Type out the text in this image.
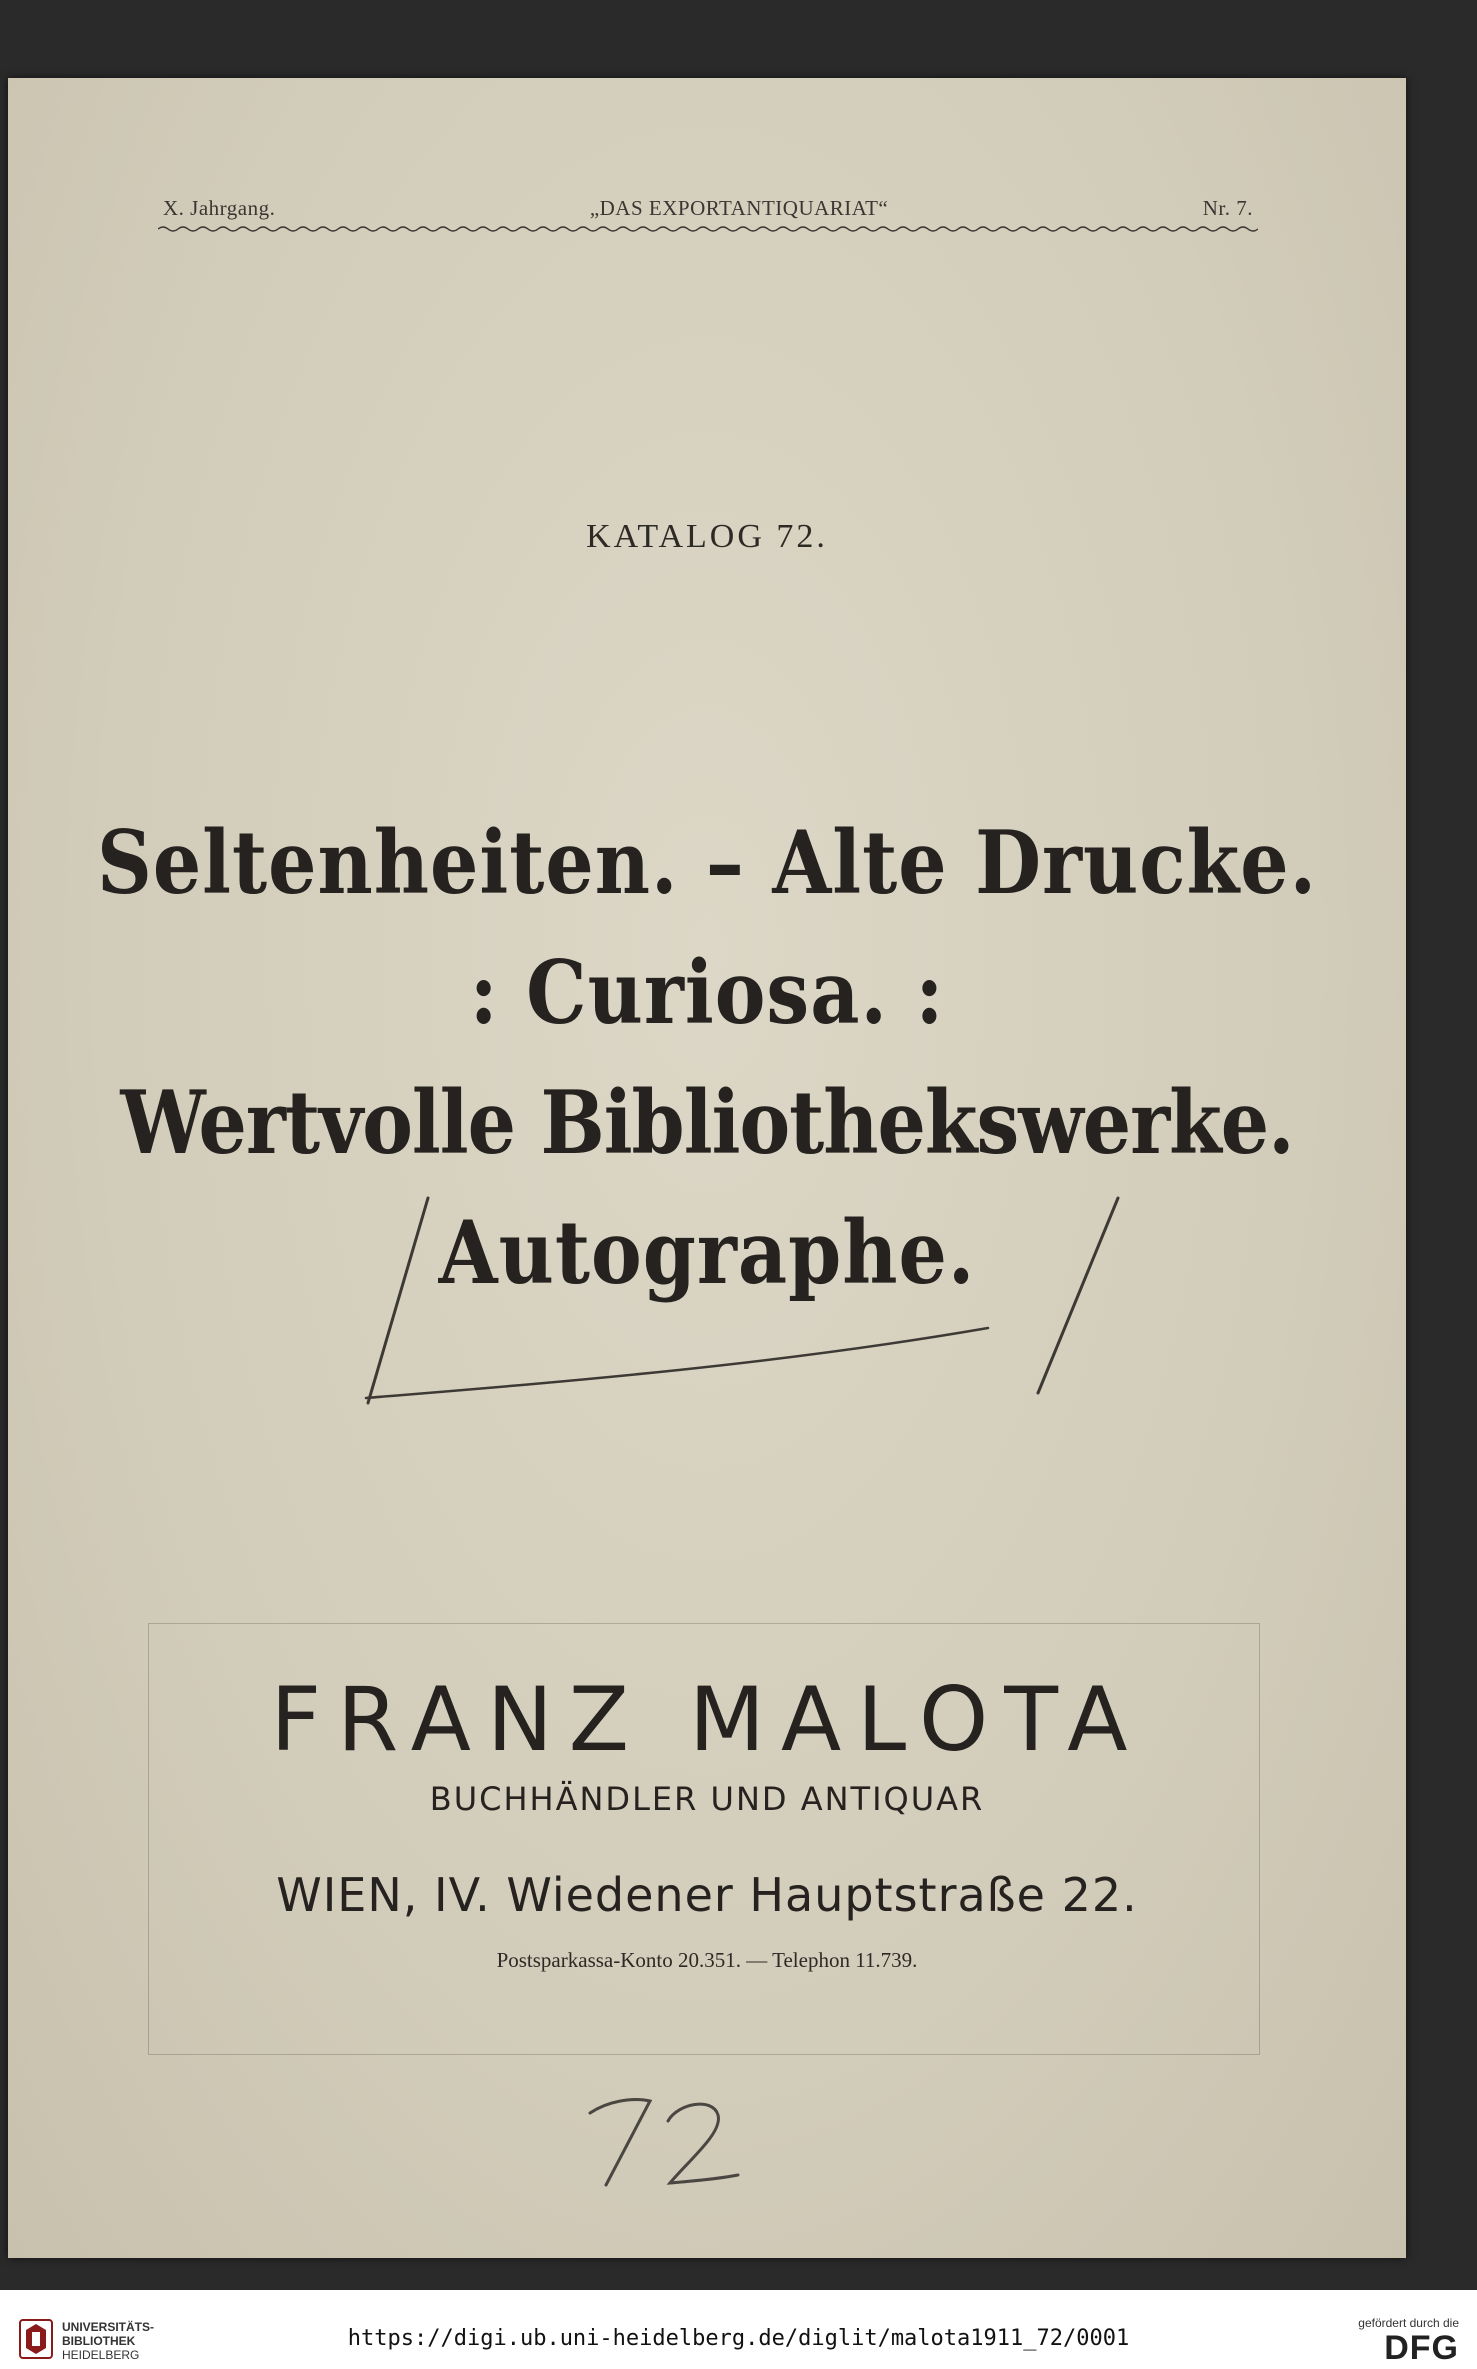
X. Jahrgang.	„DAS EXPORTANTIQUARIAT“	Nr. 7.
KATALOG 72.
Seltenheiten. – Alte Drucke.
: Curiosa. :
Wertvolle Bibliothekswerke.
Autographe.
FRANZ MALOTA
BUCHHÄNDLER UND ANTIQUAR
WIEN, IV. Wiedener Hauptstraße 22.
Postsparkassa-Konto 20.351. — Telephon 11.739.
UNIVERSITÄTS-
BIBLIOTHEK
HEIDELBERG
https://digi.ub.uni-heidelberg.de/diglit/malota1911_72/0001
gefördert durch die
DFG
